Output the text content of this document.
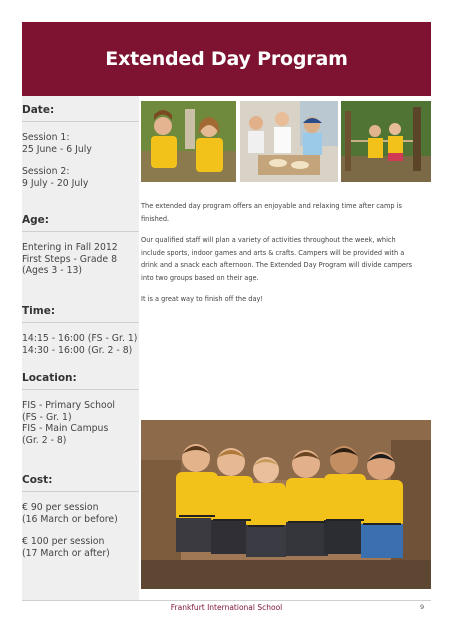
Extended Day Program
Date:
Session 1:
25 June - 6 July
Session 2:
9 July - 20 July
Age:
Entering in Fall 2012
First Steps - Grade 8
(Ages 3 - 13)
Time:
14:15 - 16:00 (FS - Gr. 1)
14:30 - 16:00 (Gr. 2 - 8)
Location:
FIS - Primary School
(FS - Gr. 1)
FIS - Main Campus
(Gr. 2 - 8)
Cost:
€ 90 per session
(16 March or before)
€ 100 per session
(17 March or after)

The extended day program offers an enjoyable and relaxing time after camp is finished.

Our qualified staff will plan a variety of activities throughout the week, which include sports, indoor games and arts & crafts. Campers will be provided with a drink and a snack each afternoon. The Extended Day Program will divide campers into two groups based on their age.

It is a great way to finish off the day!

Frankfurt International School	9
